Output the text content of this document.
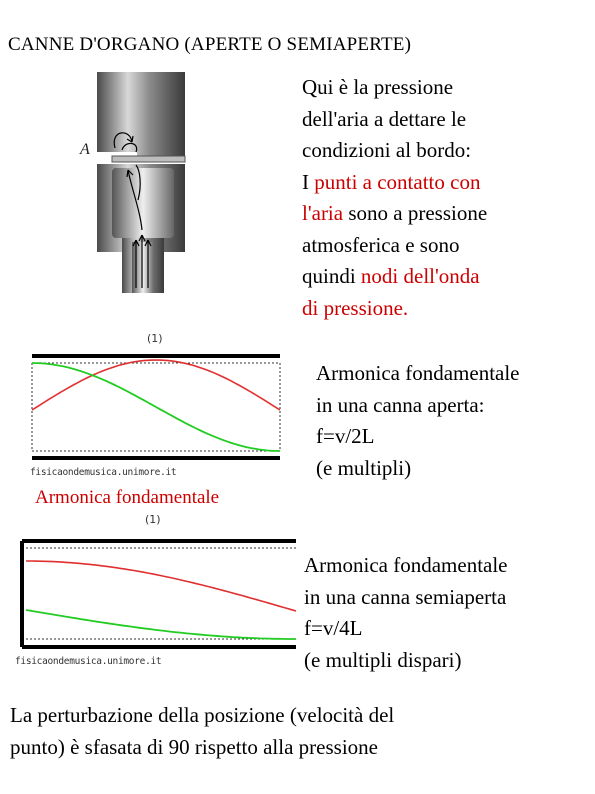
CANNE D'ORGANO (APERTE O SEMIAPERTE)
A
Qui è la pressione
dell'aria a dettare le
condizioni al bordo:
I punti a contatto con
l'aria sono a pressione
atmosferica e sono
quindi nodi dell'onda
di pressione.
(1)
fisicaondemusica.unimore.it
Armonica fondamentale
Armonica fondamentale
in una canna aperta:
f=v/2L
(e multipli)
(1)
fisicaondemusica.unimore.it
Armonica fondamentale
in una canna semiaperta
f=v/4L
(e multipli dispari)
La perturbazione della posizione (velocità del
punto) è sfasata di 90 rispetto alla pressione
